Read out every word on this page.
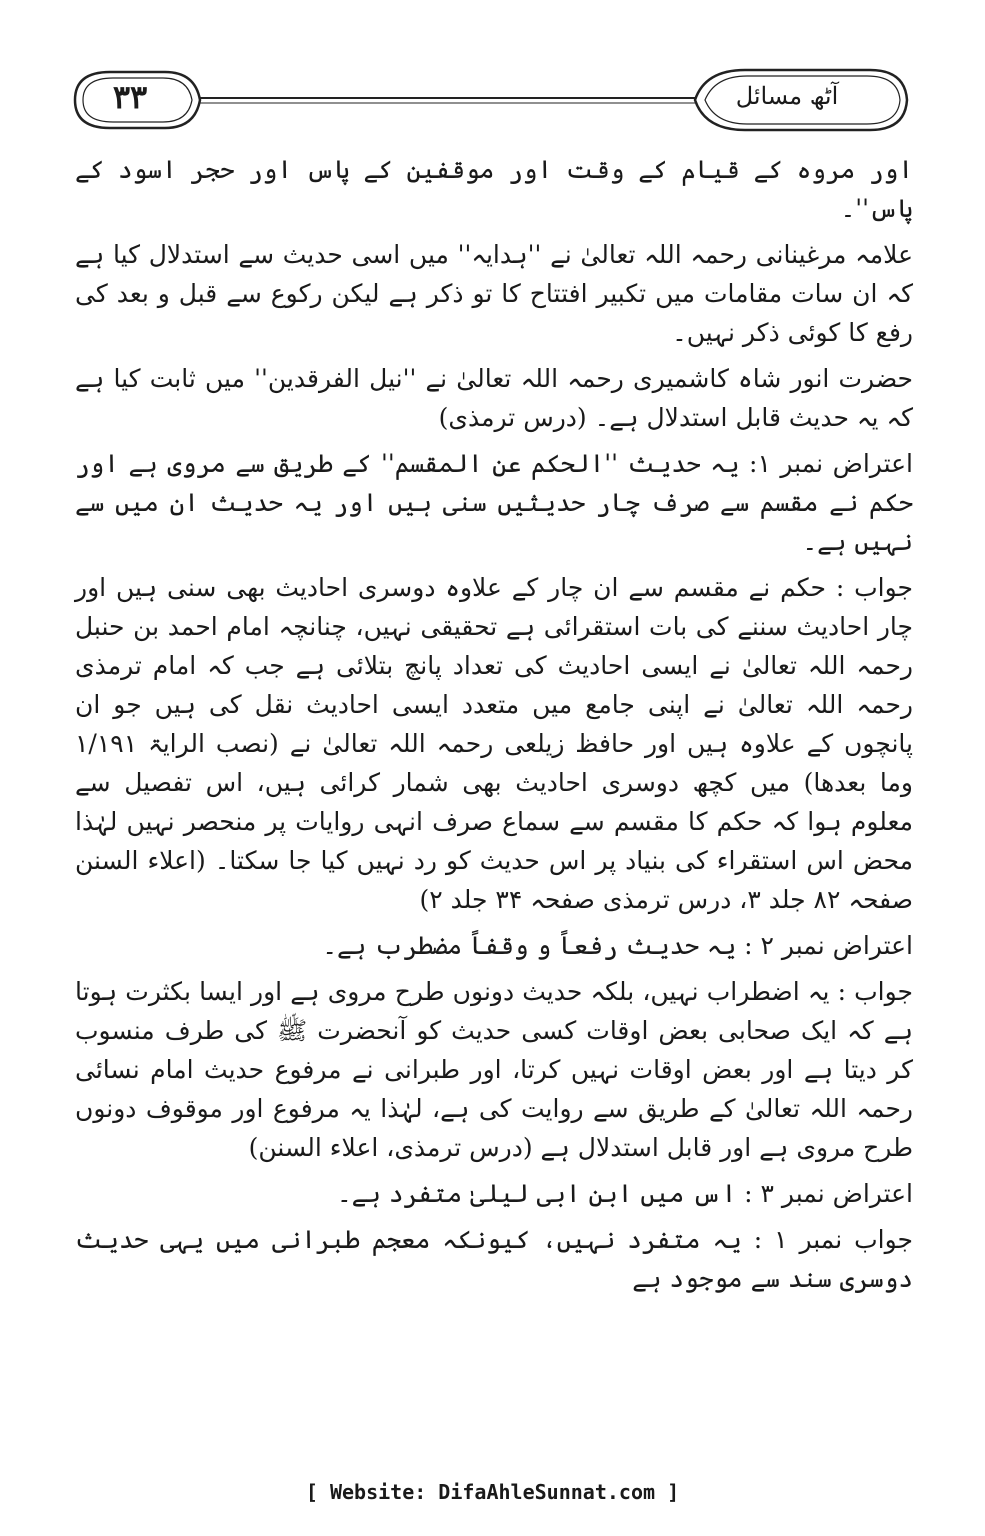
۳۳	آٹھ مسائل

اور مروہ کے قیام کے وقت اور موقفین کے پاس اور حجر اسود کے پاس''۔

علامہ مرغینانی رحمہ اللہ تعالیٰ نے ''ہدایہ'' میں اسی حدیث سے استدلال کیا ہے کہ ان سات مقامات میں تکبیر افتتاح کا تو ذکر ہے لیکن رکوع سے قبل و بعد کی رفع کا کوئی ذکر نہیں۔

حضرت انور شاہ کاشمیری رحمہ اللہ تعالیٰ نے ''نیل الفرقدین'' میں ثابت کیا ہے کہ یہ حدیث قابل استدلال ہے۔ (درس ترمذی)

اعتراض نمبر ۱: یہ حدیث ''الحکم عن المقسم'' کے طریق سے مروی ہے اور حکم نے مقسم سے صرف چار حدیثیں سنی ہیں اور یہ حدیث ان میں سے نہیں ہے۔

جواب : حکم نے مقسم سے ان چار کے علاوہ دوسری احادیث بھی سنی ہیں اور چار احادیث سننے کی بات استقرائی ہے تحقیقی نہیں، چنانچہ امام احمد بن حنبل رحمہ اللہ تعالیٰ نے ایسی احادیث کی تعداد پانچ بتلائی ہے جب کہ امام ترمذی رحمہ اللہ تعالیٰ نے اپنی جامع میں متعدد ایسی احادیث نقل کی ہیں جو ان پانچوں کے علاوہ ہیں اور حافظ زیلعی رحمہ اللہ تعالیٰ نے (نصب الرایۃ ۱/۱۹۱ وما بعدھا) میں کچھ دوسری احادیث بھی شمار کرائی ہیں، اس تفصیل سے معلوم ہوا کہ حکم کا مقسم سے سماع صرف انہی روایات پر منحصر نہیں لہٰذا محض اس استقراء کی بنیاد پر اس حدیث کو رد نہیں کیا جا سکتا۔ (اعلاء السنن صفحہ ۸۲ جلد ۳، درس ترمذی صفحہ ۳۴ جلد ۲)

اعتراض نمبر ۲ : یہ حدیث رفعاً و وقفاً مضطرب ہے۔

جواب : یہ اضطراب نہیں، بلکہ حدیث دونوں طرح مروی ہے اور ایسا بکثرت ہوتا ہے کہ ایک صحابی بعض اوقات کسی حدیث کو آنحضرت ﷺ کی طرف منسوب کر دیتا ہے اور بعض اوقات نہیں کرتا، اور طبرانی نے مرفوع حدیث امام نسائی رحمہ اللہ تعالیٰ کے طریق سے روایت کی ہے، لہٰذا یہ مرفوع اور موقوف دونوں طرح مروی ہے اور قابل استدلال ہے (درس ترمذی، اعلاء السنن)

اعتراض نمبر ۳ : اس میں ابن ابی لیلیٰ متفرد ہے۔

جواب نمبر ۱ : یہ متفرد نہیں، کیونکہ معجم طبرانی میں یہی حدیث دوسری سند سے موجود ہے

[ Website: DifaAhleSunnat.com ]
